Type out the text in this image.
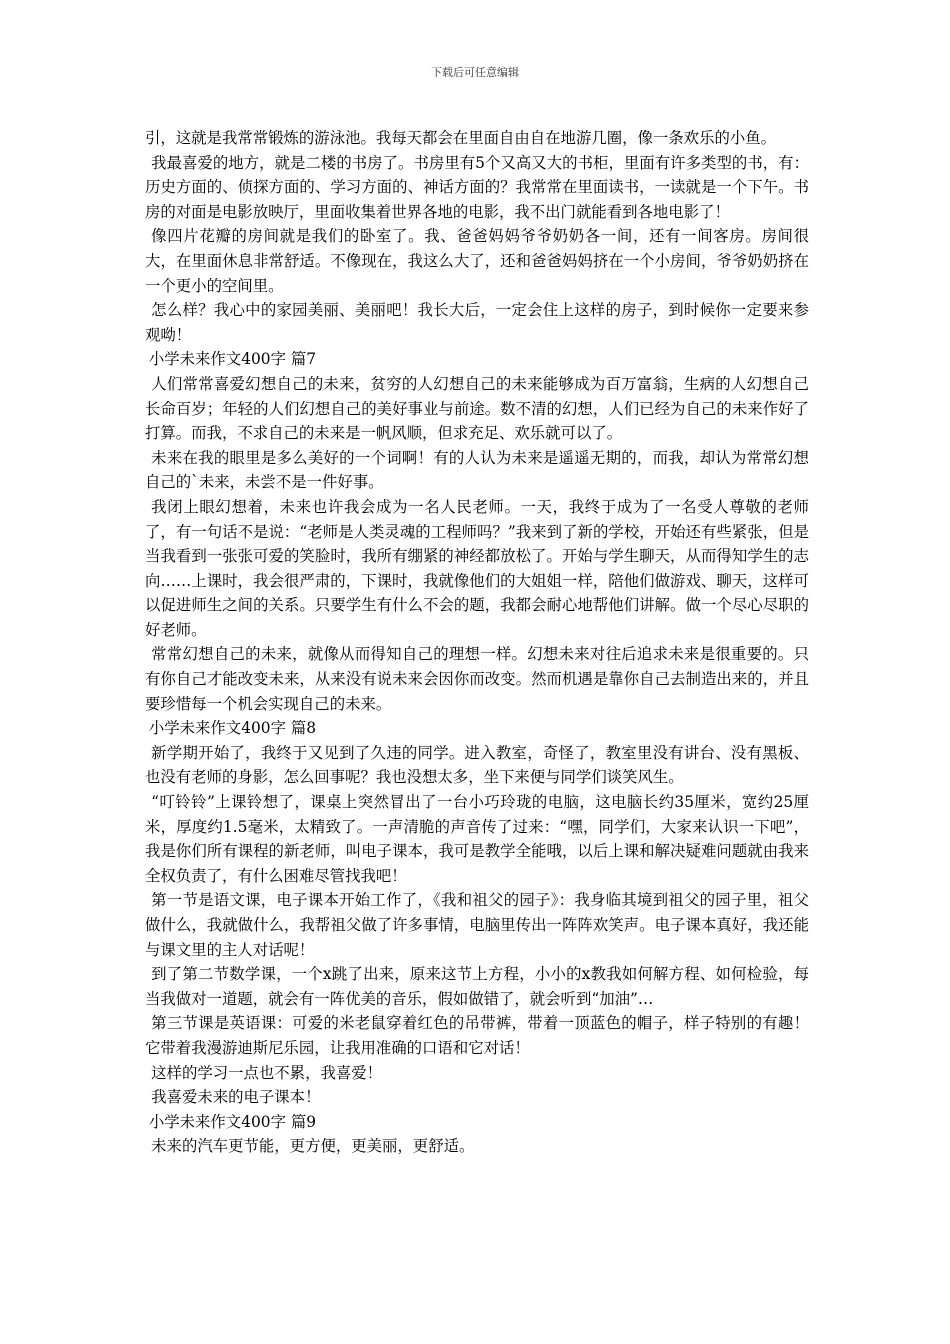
下载后可任意编辑

引，这就是我常常锻炼的游泳池。我每天都会在里面自由自在地游几圈，像一条欢乐的小鱼。

我最喜爱的地方，就是二楼的书房了。书房里有5个又高又大的书柜，里面有许多类型的书，有：历史方面的、侦探方面的、学习方面的、神话方面的？我常常在里面读书，一读就是一个下午。书房的对面是电影放映厅，里面收集着世界各地的电影，我不出门就能看到各地电影了！

像四片花瓣的房间就是我们的卧室了。我、爸爸妈妈爷爷奶奶各一间，还有一间客房。房间很大，在里面休息非常舒适。不像现在，我这么大了，还和爸爸妈妈挤在一个小房间，爷爷奶奶挤在一个更小的空间里。

怎么样？我心中的家园美丽、美丽吧！我长大后，一定会住上这样的房子，到时候你一定要来参观呦！

小学未来作文400字 篇7

人们常常喜爱幻想自己的未来，贫穷的人幻想自己的未来能够成为百万富翁，生病的人幻想自己长命百岁；年轻的人们幻想自己的美好事业与前途。数不清的幻想，人们已经为自己的未来作好了打算。而我，不求自己的未来是一帆风顺，但求充足、欢乐就可以了。

未来在我的眼里是多么美好的一个词啊！有的人认为未来是遥遥无期的，而我，却认为常常幻想自己的`未来，未尝不是一件好事。

我闭上眼幻想着，未来也许我会成为一名人民老师。一天，我终于成为了一名受人尊敬的老师了，有一句话不是说：“老师是人类灵魂的工程师吗？”我来到了新的学校，开始还有些紧张，但是当我看到一张张可爱的笑脸时，我所有绷紧的神经都放松了。开始与学生聊天，从而得知学生的志向……上课时，我会很严肃的，下课时，我就像他们的大姐姐一样，陪他们做游戏、聊天，这样可以促进师生之间的关系。只要学生有什么不会的题，我都会耐心地帮他们讲解。做一个尽心尽职的好老师。

常常幻想自己的未来，就像从而得知自己的理想一样。幻想未来对往后追求未来是很重要的。只有你自己才能改变未来，从来没有说未来会因你而改变。然而机遇是靠你自己去制造出来的，并且要珍惜每一个机会实现自己的未来。

小学未来作文400字 篇8

新学期开始了，我终于又见到了久违的同学。进入教室，奇怪了，教室里没有讲台、没有黑板、也没有老师的身影，怎么回事呢？我也没想太多，坐下来便与同学们谈笑风生。

“叮铃铃”上课铃想了，课桌上突然冒出了一台小巧玲珑的电脑，这电脑长约35厘米，宽约25厘米，厚度约1.5毫米，太精致了。一声清脆的声音传了过来：“嘿，同学们，大家来认识一下吧”，我是你们所有课程的新老师，叫电子课本，我可是教学全能哦，以后上课和解决疑难问题就由我来全权负责了，有什么困难尽管找我吧！

第一节是语文课，电子课本开始工作了，《我和祖父的园子》：我身临其境到祖父的园子里，祖父做什么，我就做什么，我帮祖父做了许多事情，电脑里传出一阵阵欢笑声。电子课本真好，我还能与课文里的主人对话呢！

到了第二节数学课，一个x跳了出来，原来这节上方程，小小的x教我如何解方程、如何检验，每当我做对一道题，就会有一阵优美的音乐，假如做错了，就会听到“加油”…

第三节课是英语课：可爱的米老鼠穿着红色的吊带裤，带着一顶蓝色的帽子，样子特别的有趣！它带着我漫游迪斯尼乐园，让我用准确的口语和它对话！

这样的学习一点也不累，我喜爱！

我喜爱未来的电子课本！

小学未来作文400字 篇9

未来的汽车更节能，更方便，更美丽，更舒适。
